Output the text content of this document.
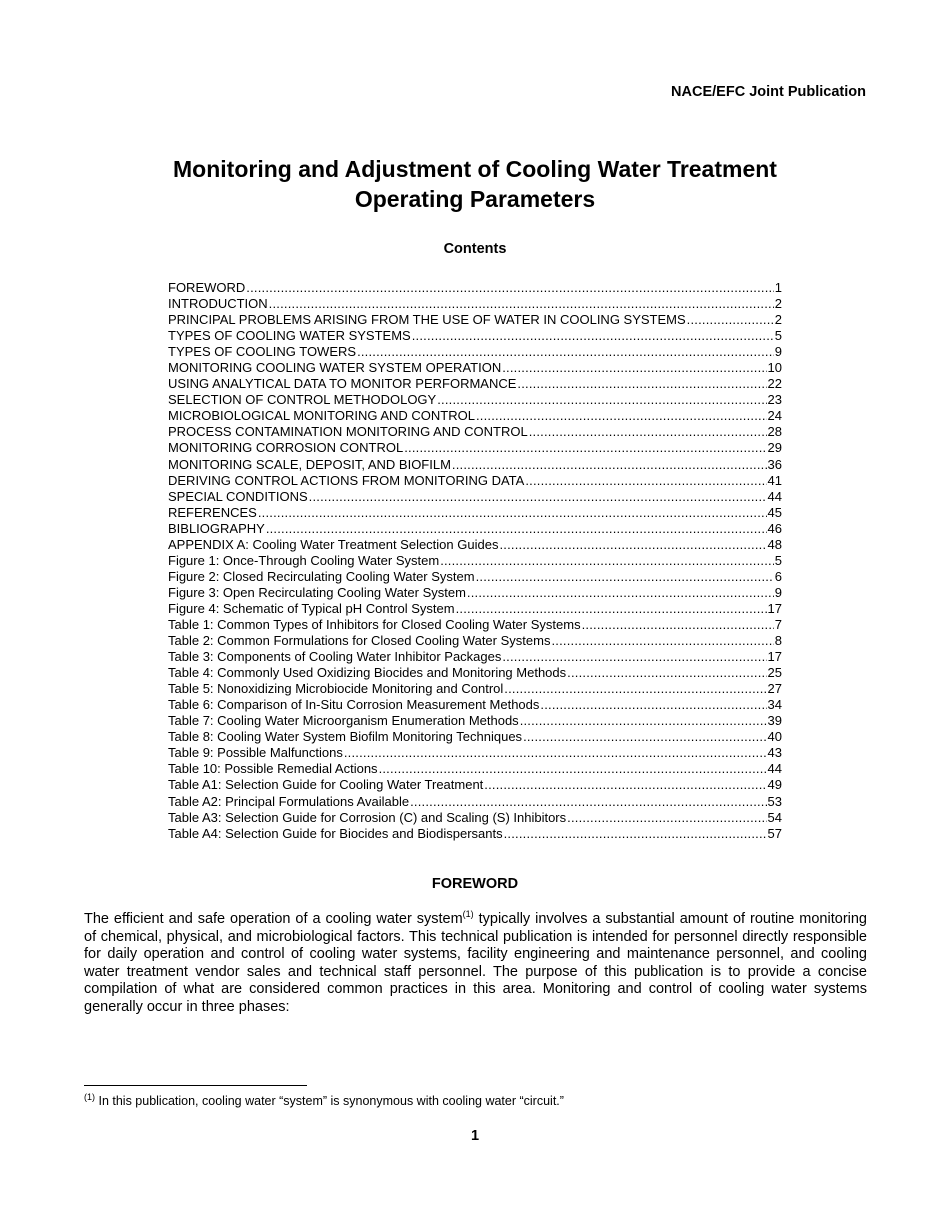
NACE/EFC Joint Publication
Monitoring and Adjustment of Cooling Water Treatment
Operating Parameters
Contents
FOREWORD .....	1
INTRODUCTION .....	2
PRINCIPAL PROBLEMS ARISING FROM THE USE OF WATER IN COOLING SYSTEMS .....	2
TYPES OF COOLING WATER SYSTEMS .....	5
TYPES OF COOLING TOWERS .....	9
MONITORING COOLING WATER SYSTEM OPERATION .....	10
USING ANALYTICAL DATA TO MONITOR PERFORMANCE .....	22
SELECTION OF CONTROL METHODOLOGY .....	23
MICROBIOLOGICAL MONITORING AND CONTROL .....	24
PROCESS CONTAMINATION MONITORING AND CONTROL .....	28
MONITORING CORROSION CONTROL .....	29
MONITORING SCALE, DEPOSIT, AND BIOFILM .....	36
DERIVING CONTROL ACTIONS FROM MONITORING DATA .....	41
SPECIAL CONDITIONS .....	44
REFERENCES .....	45
BIBLIOGRAPHY .....	46
APPENDIX A: Cooling Water Treatment Selection Guides .....	48
Figure 1: Once-Through Cooling Water System .....	5
Figure 2: Closed Recirculating Cooling Water System .....	6
Figure 3: Open Recirculating Cooling Water System .....	9
Figure 4: Schematic of Typical pH Control System .....	17
Table 1: Common Types of Inhibitors for Closed Cooling Water Systems .....	7
Table 2: Common Formulations for Closed Cooling Water Systems .....	8
Table 3: Components of Cooling Water Inhibitor Packages .....	17
Table 4: Commonly Used Oxidizing Biocides and Monitoring Methods .....	25
Table 5: Nonoxidizing Microbiocide Monitoring and Control .....	27
Table 6: Comparison of In-Situ Corrosion Measurement Methods .....	34
Table 7: Cooling Water Microorganism Enumeration Methods .....	39
Table 8: Cooling Water System Biofilm Monitoring Techniques .....	40
Table 9: Possible Malfunctions .....	43
Table 10: Possible Remedial Actions .....	44
Table A1: Selection Guide for Cooling Water Treatment .....	49
Table A2: Principal Formulations Available .....	53
Table A3: Selection Guide for Corrosion (C) and Scaling (S) Inhibitors .....	54
Table A4: Selection Guide for Biocides and Biodispersants .....	57
FOREWORD

The efficient and safe operation of a cooling water system$^{(1)}$ typically involves a substantial amount of routine monitoring of chemical, physical, and microbiological factors. This technical publication is intended for personnel directly responsible for daily operation and control of cooling water systems, facility engineering and maintenance personnel, and cooling water treatment vendor sales and technical staff personnel. The purpose of this publication is to provide a concise compilation of what are considered common practices in this area. Monitoring and control of cooling water systems generally occur in three phases:

$^{(1)}$ In this publication, cooling water “system” is synonymous with cooling water “circuit.”
1
